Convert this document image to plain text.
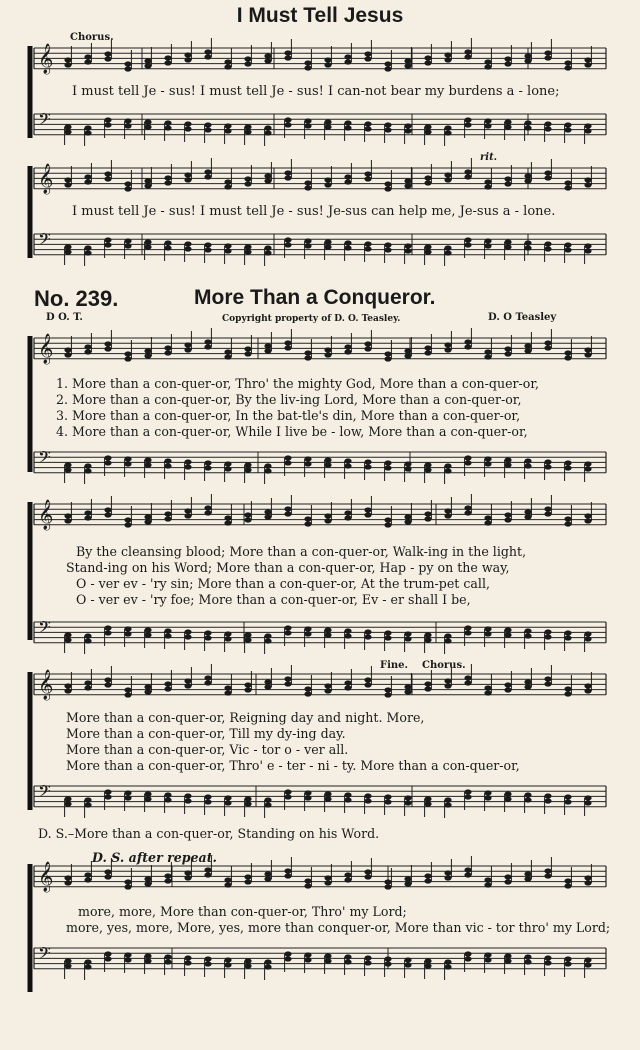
I Must Tell Jesus
Chorus.
rit.
I must tell Je - sus! I must tell Je - sus! I can-not bear my burdens a - lone;
I must tell Je - sus! I must tell Je - sus! Je-sus can help me, Je-sus a - lone.
No. 239.	More Than a Conqueror.
D O. T.	Copyright property of D. O. Teasley.	D. O Teasley
1. More than a con-quer-or, Thro' the mighty God, More than a con-quer-or,
2. More than a con-quer-or, By the liv-ing Lord, More than a con-quer-or,
3. More than a con-quer-or, In the bat-tle's din, More than a con-quer-or,
4. More than a con-quer-or, While I live be - low, More than a con-quer-or,
By the cleansing blood; More than a con-quer-or, Walk-ing in the light,
Stand-ing on his Word; More than a con-quer-or, Hap - py on the way,
O - ver ev - 'ry sin; More than a con-quer-or, At the trum-pet call,
O - ver ev - 'ry foe; More than a con-quer-or, Ev - er shall I be,
Fine. Chorus.
More than a con-quer-or, Reigning day and night. More,
More than a con-quer-or, Till my dy-ing day.
More than a con-quer-or, Vic - tor o - ver all.
More than a con-quer-or, Thro' e - ter - ni - ty. More than a con-quer-or,
D. S.–More than a con-quer-or, Standing on his Word.
D. S. after repeat.
more, more, More than con-quer-or, Thro' my Lord;
more, yes, more, More, yes, more than conquer-or, More than vic - tor thro' my Lord;
𝄞
𝄢
𝄞
𝄢
𝄞
𝄢
𝄞
𝄢
𝄞
𝄢
𝄞
𝄢
